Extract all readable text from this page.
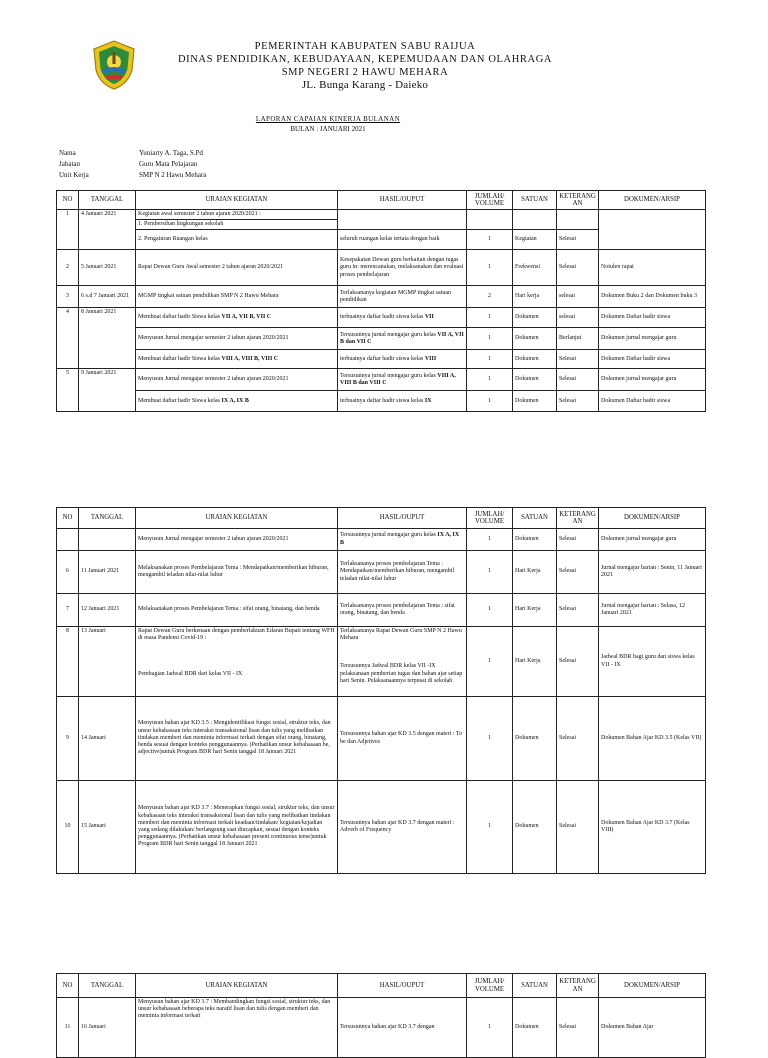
PEMERINTAH KABUPATEN SABU RAIJUA
DINAS PENDIDIKAN, KEBUDAYAAN, KEPEMUDAAN DAN OLAHRAGA
SMP NEGERI 2 HAWU MEHARA
JL. Bunga Karang - Daieko
LAPORAN CAPAIAN KINERJA BULANAN
BULAN : JANUARI 2021
Nama	Yuniarty A. Taga, S.Pd
Jabatan	Guru Mata Pelajaran
Unit Kerja	SMP N 2 Hawu Mehara
NO	TANGGAL	URAIAN KEGIATAN	HASIL/OUPUT	JUMLAH/ VOLUME	SATUAN	KETERANG AN	DOKUMEN/ARSIP
1	4 Januari 2021	Kegiatan awal semester 2 tahun ajaran 2020/2021 :					
		1. Pembersihan lingkungan sekolah					
		2. Pengaturan Ruangan kelas	seluruh ruangan kelas tertata dengan baik	1	Kegiatan	Selesai	
2	5 Januari 2021	Rapat Dewan Guru Awal semester 2 tahun ajaran 2020/2021	Kesepakatan Dewan guru berkaitan dengan tugas guru in: merencanakan, melaksanakan dan evaluasi proses pembelajaran	1	Frekwensi	Selesai	Notulen rapat
3	6 s.d 7 Januari 2021	MGMP tingkat satuan pendidikan SMP N 2 Hawu Mehara	Terlaksananya kegiatan MGMP tingkat satuan pendidikan	2	Hari kerja	selesai	Dokumen Buku 2 dan Dokumen buku 3
4	8 Januari 2021	Membuat daftar hadir Siswa kelas VII A, VII B, VII C	terbuatnya daftar hadir siswa kelas VII	1	Dokumen	selesai	Dokumen Daftar hadir siswa
		Menyusun Jurnal mengajar semester 2 tahun ajaran 2020/2021	Tersusunnya jurnal mengajar guru kelas VII A, VII B dan VII C	1	Dokumen	Berlanjut	Dokumen jurnal mengajar guru
		Membuat daftar hadir Siswa kelas VIII A, VIII B, VIII C	terbuatnya daftar hadir siswa kelas VIII	1	Dokumen	Selesai	Dokumen Daftar hadir siswa
5	9 Januari 2021	Menyusun Jurnal mengajar semester 2 tahun ajaran 2020/2021	Tersusunnya jurnal mengajar guru kelas VIII A, VIII B dan VIII C	1	Dokumen	Selesai	Dokumen jurnal mengajar guru
		Membuat daftar hadir Siswa kelas IX A, IX B	terbuatnya daftar hadir siswa kelas IX	1	Dokumen	Selesai	Dokumen Daftar hadir siswa
NO	TANGGAL	URAIAN KEGIATAN	HASIL/OUPUT	JUMLAH/ VOLUME	SATUAN	KETERANG AN	DOKUMEN/ARSIP
		Menyusun Jurnal mengajar semester 2 tahun ajaran 2020/2021	Tersusunnya jurnal mengajar guru kelas IX A, IX B	1	Dokumen	Selesai	Dokumen jurnal mengajar guru
6	11 Januari 2021	Melaksanakan proses Pembelajaran Tema : Mendapatkan/memberikan hiburan, mengambil teladan nilai-nilai luhur	Terlaksananya proses pembelajaran Tema : Mendapatkan/memberikan hiburan, mengambil teladan nilai-nilai luhur	1	Hari Kerja	Selesai	Jurnal mengajar harian : Senin, 11 Januari 2021
7	12 Januari 2021	Melaksanakan proses Pembelajaran Tema : sifat orang, binatang, dan benda	Terlaksananya proses pembelajaran Tema : sifat orang, binatang, dan benda	1	Hari Kerja	Selesai	Jurnal mengajar harian : Selasa, 12 Januari 2021
8	13 Januari	Rapat Dewan Guru berkenaan dengan pemberlakuan Edaran Bupati tentang WFH di masa Pandemi Covid-19 :	Terlaksananya Rapat Dewan Guru SMP N 2 Hawu Mehara	1	Hari Kerja	Selesai	Jadwal BDR bagi guru dan siswa kelas VII - IX
		Pembagian Jadwal BDR dari kelas VII - IX	Tersusunnya Jadwal BDR kelas VII -IX pelaksanaan pemberian tugas dan bahan ajar setiap hari Senin. Pelaksanaannya terpusat di sekolah				
9	14 Januari	Menyusun bahan ajar KD 3.5 : Mengidentifikasi fungsi sosial, struktur teks, dan unsur kebahasaan teks interaksi transaksional lisan dan tulis yang melibatkan tindakan memberi dan meminta informasi terkait dengan sifat orang, binatang, benda sesuai dengan konteks penggunaannya. (Perhatikan unsur kebahasaan be, adjective)untuk Program BDR hari Senin tanggal 18 Januari 2021	Tersusunnya bahan ajar KD 3.5 dengan materi : To be dan Adjetives	1	Dokumen	Selesai	Dokumen Bahan Ajar KD 3.5 (Kelas VII)
10	15 Januari	Menyusun bahan ajar KD 3.7 : Menerapkan fungsi sosial, struktur teks, dan unsur kebahasaan teks interaksi transaksional lisan dan tulis yang melibatkan tindakan memberi dan meminta informasi terkait keadaan/tindakan/ kegiatan/kejadian yang sedang dilakukan/ berlangsung saat diucapkan, sesuai dengan konteks penggunaannya. (Perhatikan unsur kebahasaan present continuous tense)untuk Program BDR hari Senin tanggal 18 Januari 2021	Tersusunnya bahan ajar KD 3.7 dengan materi : Adverb of Frequency	1	Dokumen	Selesai	Dokumen Bahan Ajar KD 3.7 (Kelas VIII)
NO	TANGGAL	URAIAN KEGIATAN	HASIL/OUPUT	JUMLAH/ VOLUME	SATUAN	KETERANG AN	DOKUMEN/ARSIP
11	16 Januari	Menyusun bahan ajar KD 3.7 : Membandingkan fungsi sosial, struktur teks, dan unsur kebahasaan beberapa teks naratif lisan dan tulis dengan memberi dan meminta informasi terkait	Tersusunnya bahan ajar KD 3.7 dengan	1	Dokumen	Selesai	Dokumen Bahan Ajar
